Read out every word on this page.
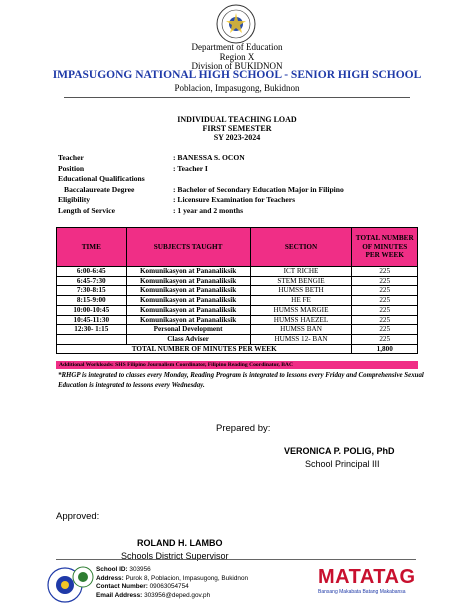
Department of Education
Region X
Division of BUKIDNON
IMPASUGONG NATIONAL HIGH SCHOOL - SENIOR HIGH SCHOOL
Poblacion, Impasugong, Bukidnon
INDIVIDUAL TEACHING LOAD
FIRST SEMESTER
SY 2023-2024
Teacher	: BANESSA S. OCON
Position	: Teacher I
Educational Qualifications
Baccalaureate Degree	: Bachelor of Secondary Education Major in Filipino
Eligibility	: Licensure Examination for Teachers
Length of Service	: 1 year and 2 months
TIME	SUBJECTS TAUGHT	SECTION	TOTAL NUMBER OF MINUTES PER WEEK
6:00-6:45	Komunikasyon at Pananaliksik	ICT RICHE	225
6:45-7:30	Komunikasyon at Pananaliksik	STEM BENGIE	225
7:30-8:15	Komunikasyon at Pananaliksik	HUMSS BETH	225
8:15-9:00	Komunikasyon at Pananaliksik	HE FE	225
10:00-10:45	Komunikasyon at Pananaliksik	HUMSS MARGIE	225
10:45-11:30	Komunikasyon at Pananaliksik	HUMSS HAEZEL	225
12:30- 1:15	Personal Development	HUMSS BAN	225
	Class Adviser	HUMSS 12- BAN	225
TOTAL NUMBER OF MINUTES PER WEEK			1,800
Additional Workloads: SHS Filipino Journalism Coordinator, Filipino Reading Coordinator, BAC
*RHGP is integrated to classes every Monday, Reading Program is integrated to lessons every Friday and Comprehensive Sexual Education is integrated to lessons every Wednesday.
Prepared by:
VERONICA P. POLIG, PhD
School Principal III
Approved:
ROLAND H. LAMBO
Schools District Supervisor
School ID: 303956
Address: Purok 8, Poblacion, Impasugong, Bukidnon
Contact Number: 09063054754
Email Address: 303956@deped.gov.ph
MATATAG
Bansang Makabata Batang Makabansa
